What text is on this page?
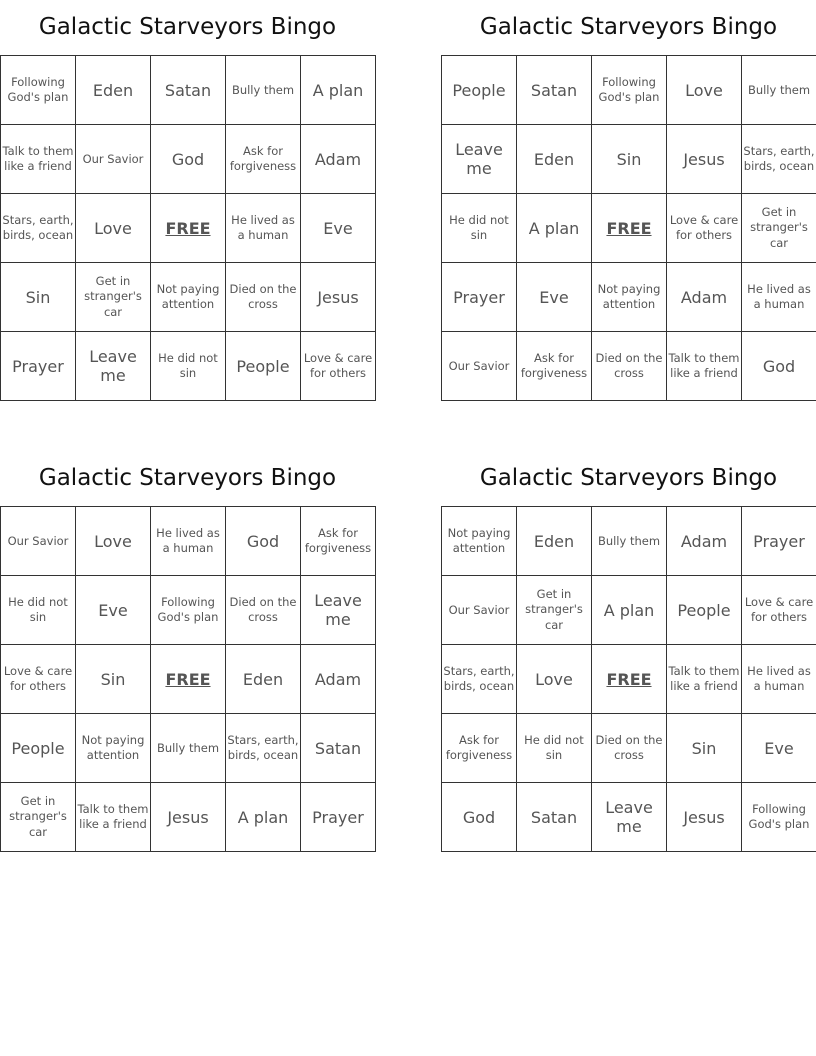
Galactic Starveyors Bingo
Following God's plan	Eden	Satan	Bully them	A plan
Talk to them like a friend	Our Savior	God	Ask for forgiveness	Adam
Stars, earth, birds, ocean	Love	FREE	He lived as a human	Eve
Sin	Get in stranger's car	Not paying attention	Died on the cross	Jesus
Prayer	Leave me	He did not sin	People	Love & care for others
Galactic Starveyors Bingo
People	Satan	Following God's plan	Love	Bully them
Leave me	Eden	Sin	Jesus	Stars, earth, birds, ocean
He did not sin	A plan	FREE	Love & care for others	Get in stranger's car
Prayer	Eve	Not paying attention	Adam	He lived as a human
Our Savior	Ask for forgiveness	Died on the cross	Talk to them like a friend	God
Galactic Starveyors Bingo
Our Savior	Love	He lived as a human	God	Ask for forgiveness
He did not sin	Eve	Following God's plan	Died on the cross	Leave me
Love & care for others	Sin	FREE	Eden	Adam
People	Not paying attention	Bully them	Stars, earth, birds, ocean	Satan
Get in stranger's car	Talk to them like a friend	Jesus	A plan	Prayer
Galactic Starveyors Bingo
Not paying attention	Eden	Bully them	Adam	Prayer
Our Savior	Get in stranger's car	A plan	People	Love & care for others
Stars, earth, birds, ocean	Love	FREE	Talk to them like a friend	He lived as a human
Ask for forgiveness	He did not sin	Died on the cross	Sin	Eve
God	Satan	Leave me	Jesus	Following God's plan
